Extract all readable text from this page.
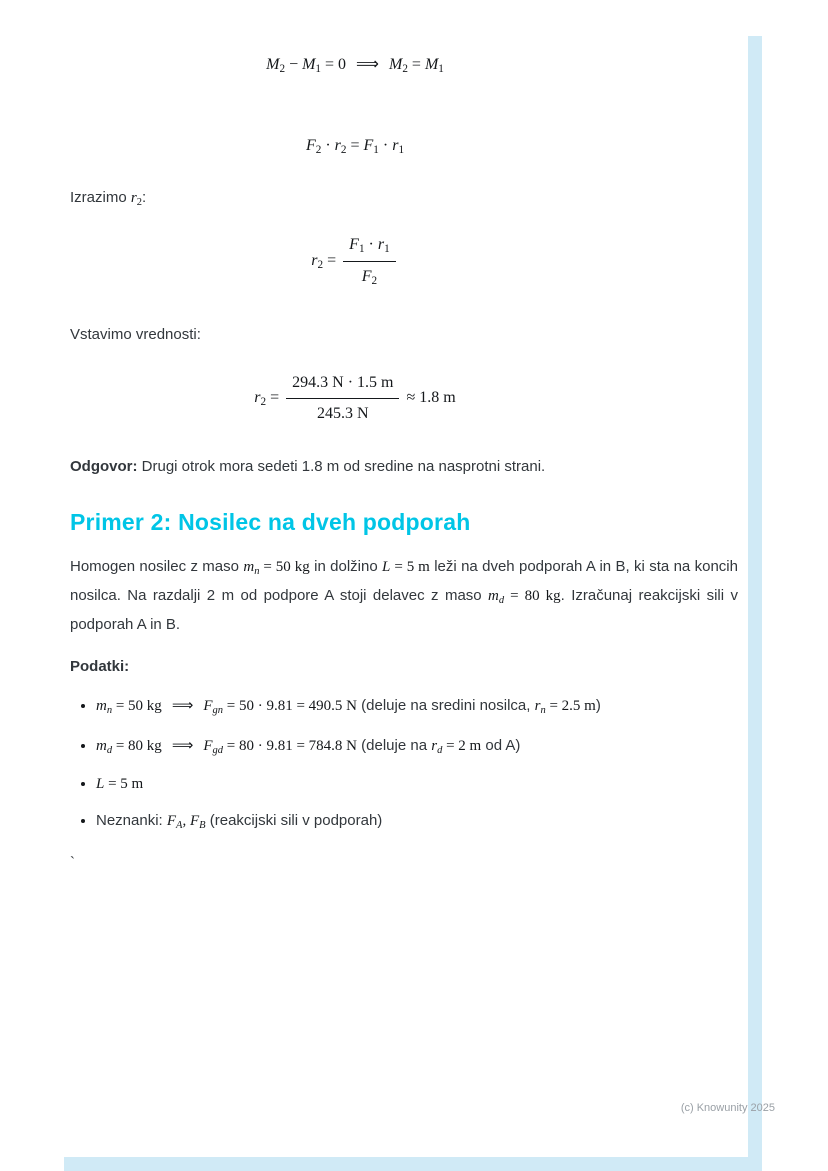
M2 − M1 = 0 ⟹ M2 = M1
F2 · r2 = F1 · r1

Izrazimo $r_2$:

$r2 = \frac{F1 \cdot r1}{F2}$

Vstavimo vrednosti:

$r2 = \frac{294.3 N \cdot 1.5 m}{245.3 N} \approx 1.8$ m

Odgovor: Drugi otrok mora sedeti 1.8 m od sredine na nasprotni strani.

Primer 2: Nosilec na dveh podporah

Homogen nosilec z maso $m_n = 50$ kg in dolžino L = 5 m leži na dveh podporah A in B, ki sta na koncih nosilca. Na razdalji 2 m od podpore A stoji delavec z maso $m_d = 80$ kg. Izračunaj reakcijski sili v podporah A in B.

Podatki:

• $m_n = 50$ kg ⟹ $F_{gn} = 50 \cdot 9.81 = 490.5$ N (deluje na sredini nosilca, $r_n = 2.5$ m)
• $m_d = 80$ kg ⟹ $F_{gd} = 80 \cdot 9.81 = 784.8$ N (deluje na $r_d = 2$ m od A)
• L = 5 m
• Neznanki: $F_A$, $F_B$ (reakcijski sili v podporah)

`

(c) Knowunity 2025
